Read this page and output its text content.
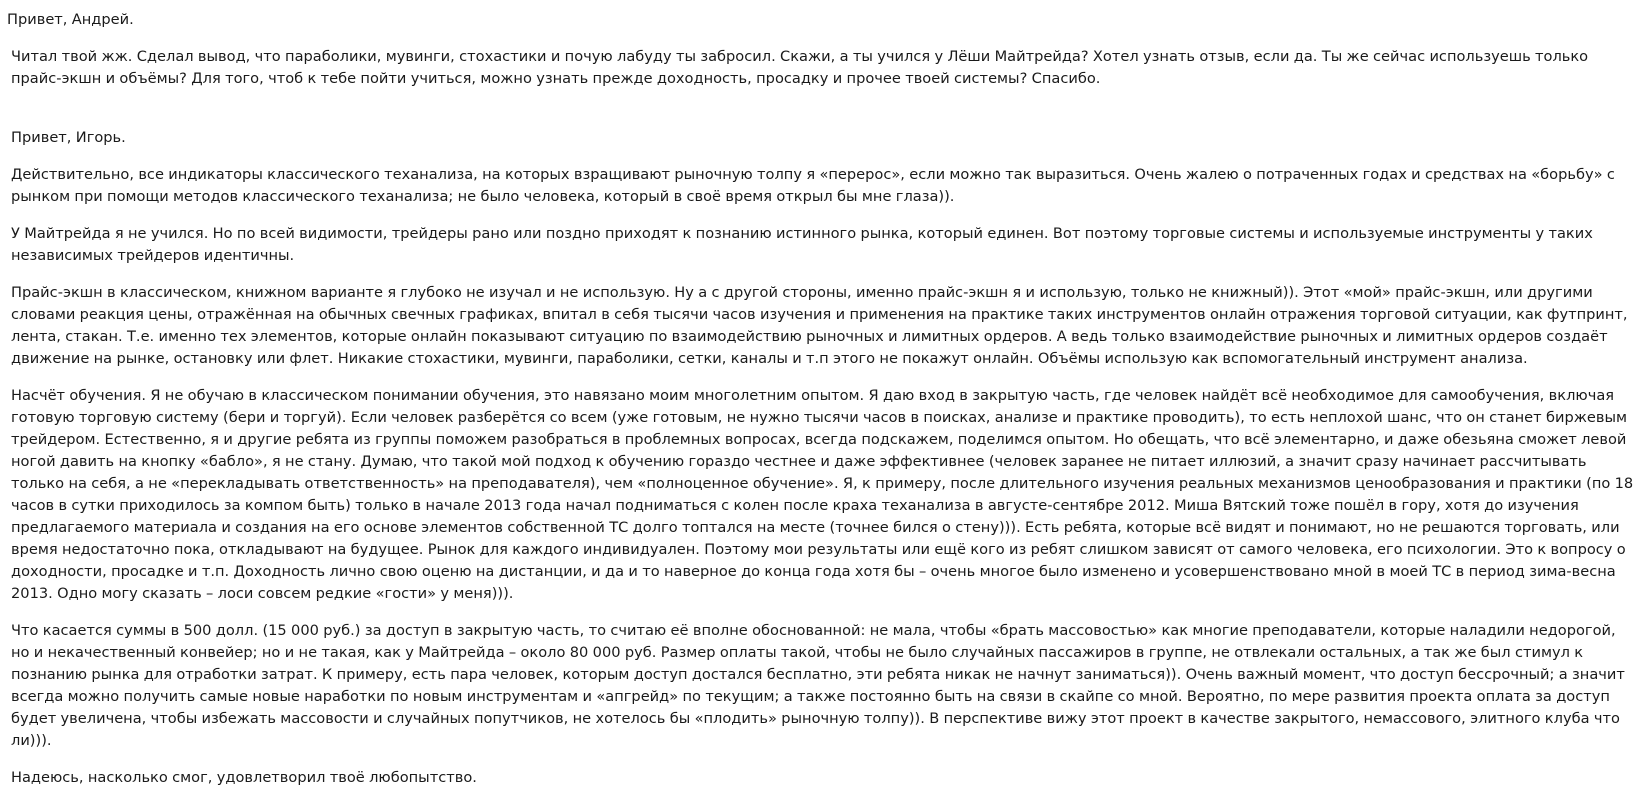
Привет, Андрей.

Читал твой жж. Сделал вывод, что параболики, мувинги, стохастики и почую лабуду ты забросил. Скажи, а ты учился у Лёши Майтрейда? Хотел узнать отзыв, если да. Ты же сейчас используешь только прайс-экшн и объёмы? Для того, чтоб к тебе пойти учиться, можно узнать прежде доходность, просадку и прочее твоей системы? Спасибо.

Привет, Игорь.

Действительно, все индикаторы классического теханализа, на которых взращивают рыночную толпу я «перерос», если можно так выразиться. Очень жалею о потраченных годах и средствах на «борьбу» с рынком при помощи методов классического теханализа; не было человека, который в своё время открыл бы мне глаза)).

У Майтрейда я не учился. Но по всей видимости, трейдеры рано или поздно приходят к познанию истинного рынка, который единен. Вот поэтому торговые системы и используемые инструменты у таких независимых трейдеров идентичны.

Прайс-экшн в классическом, книжном варианте я глубоко не изучал и не использую. Ну а с другой стороны, именно прайс-экшн я и использую, только не книжный)). Этот «мой» прайс-экшн, или другими словами реакция цены, отражённая на обычных свечных графиках, впитал в себя тысячи часов изучения и применения на практике таких инструментов онлайн отражения торговой ситуации, как футпринт, лента, стакан. Т.е. именно тех элементов, которые онлайн показывают ситуацию по взаимодействию рыночных и лимитных ордеров. А ведь только взаимодействие рыночных и лимитных ордеров создаёт движение на рынке, остановку или флет. Никакие стохастики, мувинги, параболики, сетки, каналы и т.п этого не покажут онлайн. Объёмы использую как вспомогательный инструмент анализа.

Насчёт обучения. Я не обучаю в классическом понимании обучения, это навязано моим многолетним опытом. Я даю вход в закрытую часть, где человек найдёт всё необходимое для самообучения, включая готовую торговую систему (бери и торгуй). Если человек разберётся со всем (уже готовым, не нужно тысячи часов в поисках, анализе и практике проводить), то есть неплохой шанс, что он станет биржевым трейдером. Естественно, я и другие ребята из группы поможем разобраться в проблемных вопросах, всегда подскажем, поделимся опытом. Но обещать, что всё элементарно, и даже обезьяна сможет левой ногой давить на кнопку «бабло», я не стану. Думаю, что такой мой подход к обучению гораздо честнее и даже эффективнее (человек заранее не питает иллюзий, а значит сразу начинает рассчитывать только на себя, а не «перекладывать ответственность» на преподавателя), чем «полноценное обучение». Я, к примеру, после длительного изучения реальных механизмов ценообразования и практики (по 18 часов в сутки приходилось за компом быть) только в начале 2013 года начал подниматься с колен после краха теханализа в августе-сентябре 2012. Миша Вятский тоже пошёл в гору, хотя до изучения предлагаемого материала и создания на его основе элементов собственной ТС долго топтался на месте (точнее бился о стену))). Есть ребята, которые всё видят и понимают, но не решаются торговать, или время недостаточно пока, откладывают на будущее. Рынок для каждого индивидуален. Поэтому мои результаты или ещё кого из ребят слишком зависят от самого человека, его психологии. Это к вопросу о доходности, просадке и т.п. Доходность лично свою оценю на дистанции, и да и то наверное до конца года хотя бы – очень многое было изменено и усовершенствовано мной в моей ТС в период зима-весна 2013. Одно могу сказать – лоси совсем редкие «гости» у меня))).

Что касается суммы в 500 долл. (15 000 руб.) за доступ в закрытую часть, то считаю её вполне обоснованной: не мала, чтобы «брать массовостью» как многие преподаватели, которые наладили недорогой, но и некачественный конвейер; но и не такая, как у Майтрейда – около 80 000 руб. Размер оплаты такой, чтобы не было случайных пассажиров в группе, не отвлекали остальных, а так же был стимул к познанию рынка для отработки затрат. К примеру, есть пара человек, которым доступ достался бесплатно, эти ребята никак не начнут заниматься)). Очень важный момент, что доступ бессрочный; а значит всегда можно получить самые новые наработки по новым инструментам и «апгрейд» по текущим; а также постоянно быть на связи в скайпе со мной. Вероятно, по мере развития проекта оплата за доступ будет увеличена, чтобы избежать массовости и случайных попутчиков, не хотелось бы «плодить» рыночную толпу)). В перспективе вижу этот проект в качестве закрытого, немассового, элитного клуба что ли))).

Надеюсь, насколько смог, удовлетворил твоё любопытство.
